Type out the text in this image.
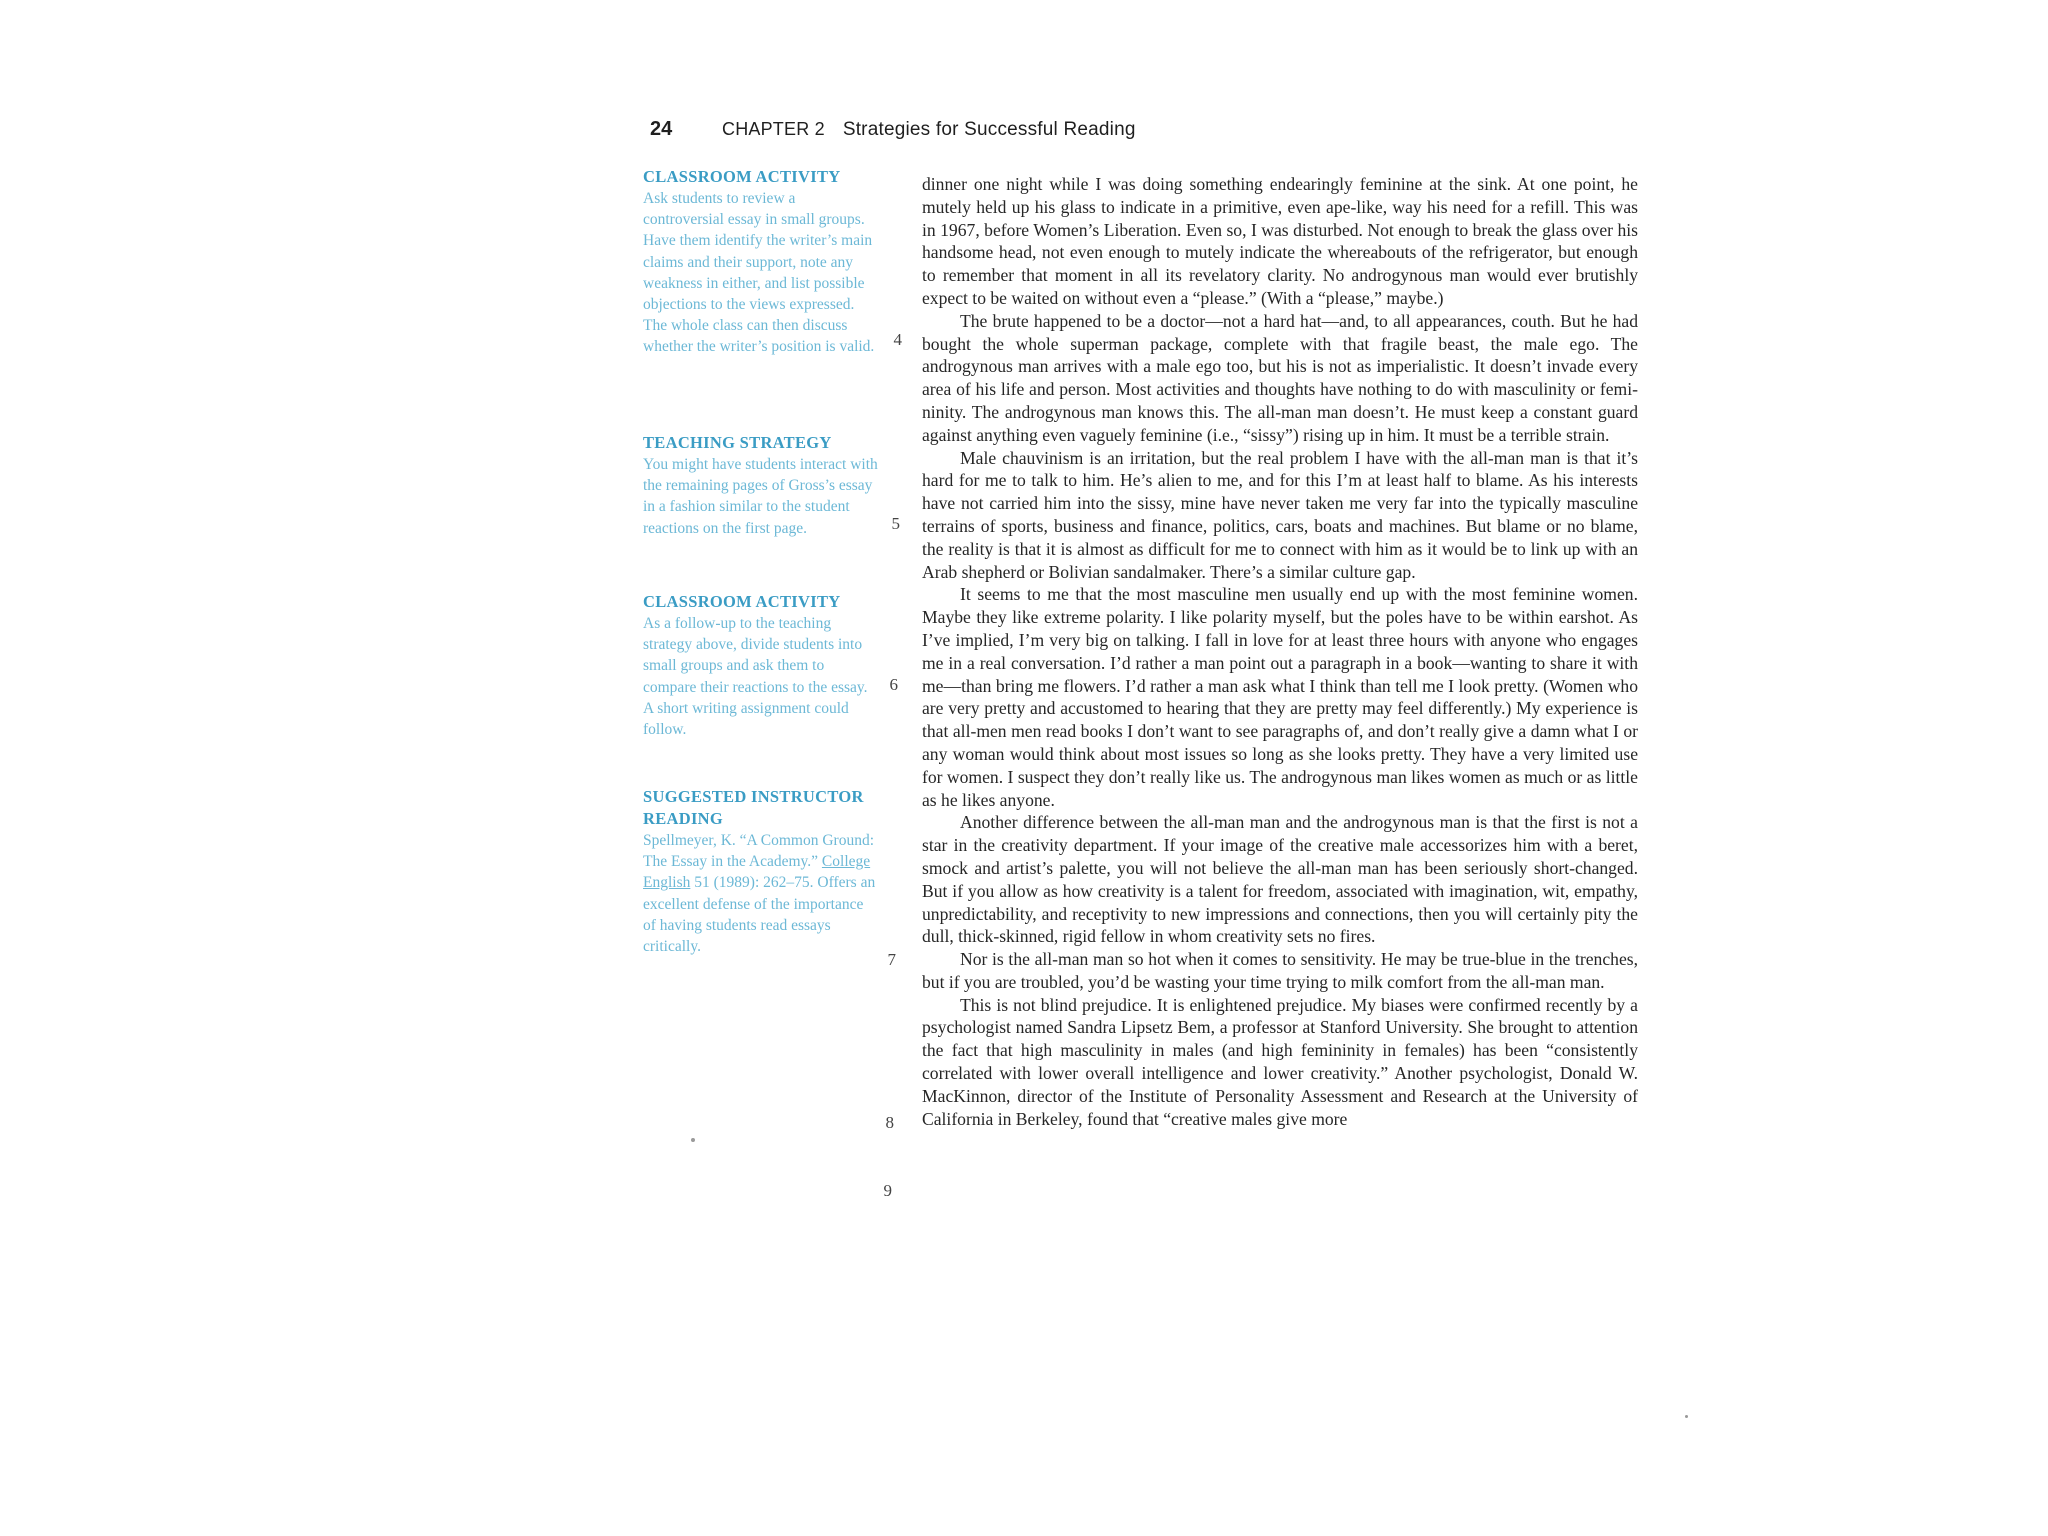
24	CHAPTER 2 Strategies for Successful Reading
CLASSROOM ACTIVITY
Ask students to review a controversial essay in small groups. Have them identify the writer’s main claims and their support, note any weakness in either, and list possible objections to the views expressed. The whole class can then discuss whether the writer’s position is valid.
TEACHING STRATEGY
You might have students interact with the remaining pages of Gross’s essay in a fashion similar to the student reactions on the first page.
CLASSROOM ACTIVITY
As a follow-up to the teaching strategy above, divide students into small groups and ask them to compare their reactions to the essay. A short writing assignment could follow.
SUGGESTED INSTRUCTOR READING
Spellmeyer, K. “A Common Ground: The Essay in the Academy.” College English 51 (1989): 262–75. Offers an excellent defense of the importance of having students read essays critically.
4
5
6
7
8
9

dinner one night while I was doing something endearingly feminine at the sink. At one point, he mutely held up his glass to indicate in a primitive, even ape-like, way his need for a refill. This was in 1967, before Women’s Liberation. Even so, I was disturbed. Not enough to break the glass over his handsome head, not even enough to mutely indicate the whereabouts of the refrigerator, but enough to remember that moment in all its revelatory clarity. No androgynous man would ever brutishly expect to be waited on without even a “please.” (With a “please,” maybe.)

The brute happened to be a doctor—not a hard hat—and, to all appearances, couth. But he had bought the whole superman package, complete with that fragile beast, the male ego. The androgynous man arrives with a male ego too, but his is not as imperialistic. It doesn’t invade every area of his life and person. Most activities and thoughts have nothing to do with masculinity or femininity. The androgynous man knows this. The all-man man doesn’t. He must keep a constant guard against anything even vaguely feminine (i.e., “sissy”) rising up in him. It must be a terrible strain.

Male chauvinism is an irritation, but the real problem I have with the all-man man is that it’s hard for me to talk to him. He’s alien to me, and for this I’m at least half to blame. As his interests have not carried him into the sissy, mine have never taken me very far into the typically masculine terrains of sports, business and finance, politics, cars, boats and machines. But blame or no blame, the reality is that it is almost as difficult for me to connect with him as it would be to link up with an Arab shepherd or Bolivian sandalmaker. There’s a similar culture gap.

It seems to me that the most masculine men usually end up with the most feminine women. Maybe they like extreme polarity. I like polarity myself, but the poles have to be within earshot. As I’ve implied, I’m very big on talking. I fall in love for at least three hours with anyone who engages me in a real conversation. I’d rather a man point out a paragraph in a book—wanting to share it with me—than bring me flowers. I’d rather a man ask what I think than tell me I look pretty. (Women who are very pretty and accustomed to hearing that they are pretty may feel differently.) My experience is that all-men men read books I don’t want to see paragraphs of, and don’t really give a damn what I or any woman would think about most issues so long as she looks pretty. They have a very limited use for women. I suspect they don’t really like us. The androgynous man likes women as much or as little as he likes anyone.

Another difference between the all-man man and the androgynous man is that the first is not a star in the creativity department. If your image of the creative male accessorizes him with a beret, smock and artist’s palette, you will not believe the all-man man has been seriously short-changed. But if you allow as how creativity is a talent for freedom, associated with imagination, wit, empathy, unpredictability, and receptivity to new impressions and connections, then you will certainly pity the dull, thick-skinned, rigid fellow in whom creativity sets no fires.

Nor is the all-man man so hot when it comes to sensitivity. He may be true-blue in the trenches, but if you are troubled, you’d be wasting your time trying to milk comfort from the all-man man.

This is not blind prejudice. It is enlightened prejudice. My biases were confirmed recently by a psychologist named Sandra Lipsetz Bem, a professor at Stanford University. She brought to attention the fact that high masculinity in males (and high femininity in females) has been “consistently correlated with lower overall intelligence and lower creativity.” Another psychologist, Donald W. MacKinnon, director of the Institute of Personality Assessment and Research at the University of California in Berkeley, found that “creative males give more
